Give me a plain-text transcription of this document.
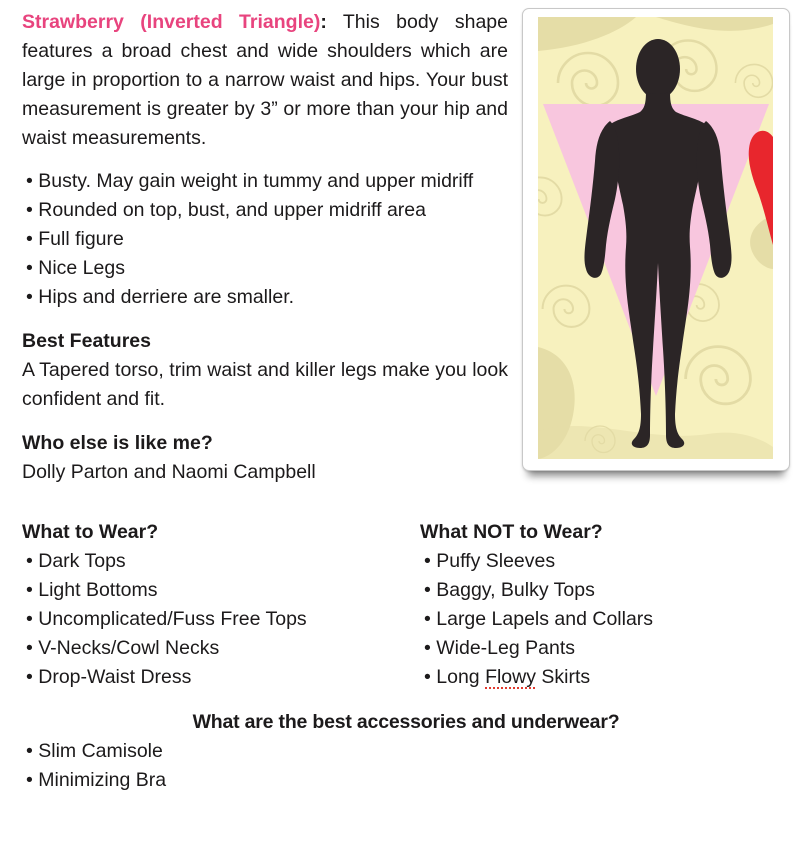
Strawberry (Inverted Triangle): This body shape features a broad chest and wide shoulders which are large in proportion to a narrow waist and hips. Your bust measurement is greater by 3” or more than your hip and waist measurements.

• Busty. May gain weight in tummy and upper midriff
• Rounded on top, bust, and upper midriff area
• Full figure
• Nice Legs
• Hips and derriere are smaller.
Best Features

A Tapered torso, trim waist and killer legs make you look confident and fit.

Who else is like me?

Dolly Parton and Naomi Campbell

What to Wear?
• Dark Tops
• Light Bottoms
• Uncomplicated/Fuss Free Tops
• V-Necks/Cowl Necks
• Drop-Waist Dress
What NOT to Wear?
• Puffy Sleeves
• Baggy, Bulky Tops
• Large Lapels and Collars
• Wide-Leg Pants
• Long Flowy Skirts
What are the best accessories and underwear?
• Slim Camisole
• Minimizing Bra
